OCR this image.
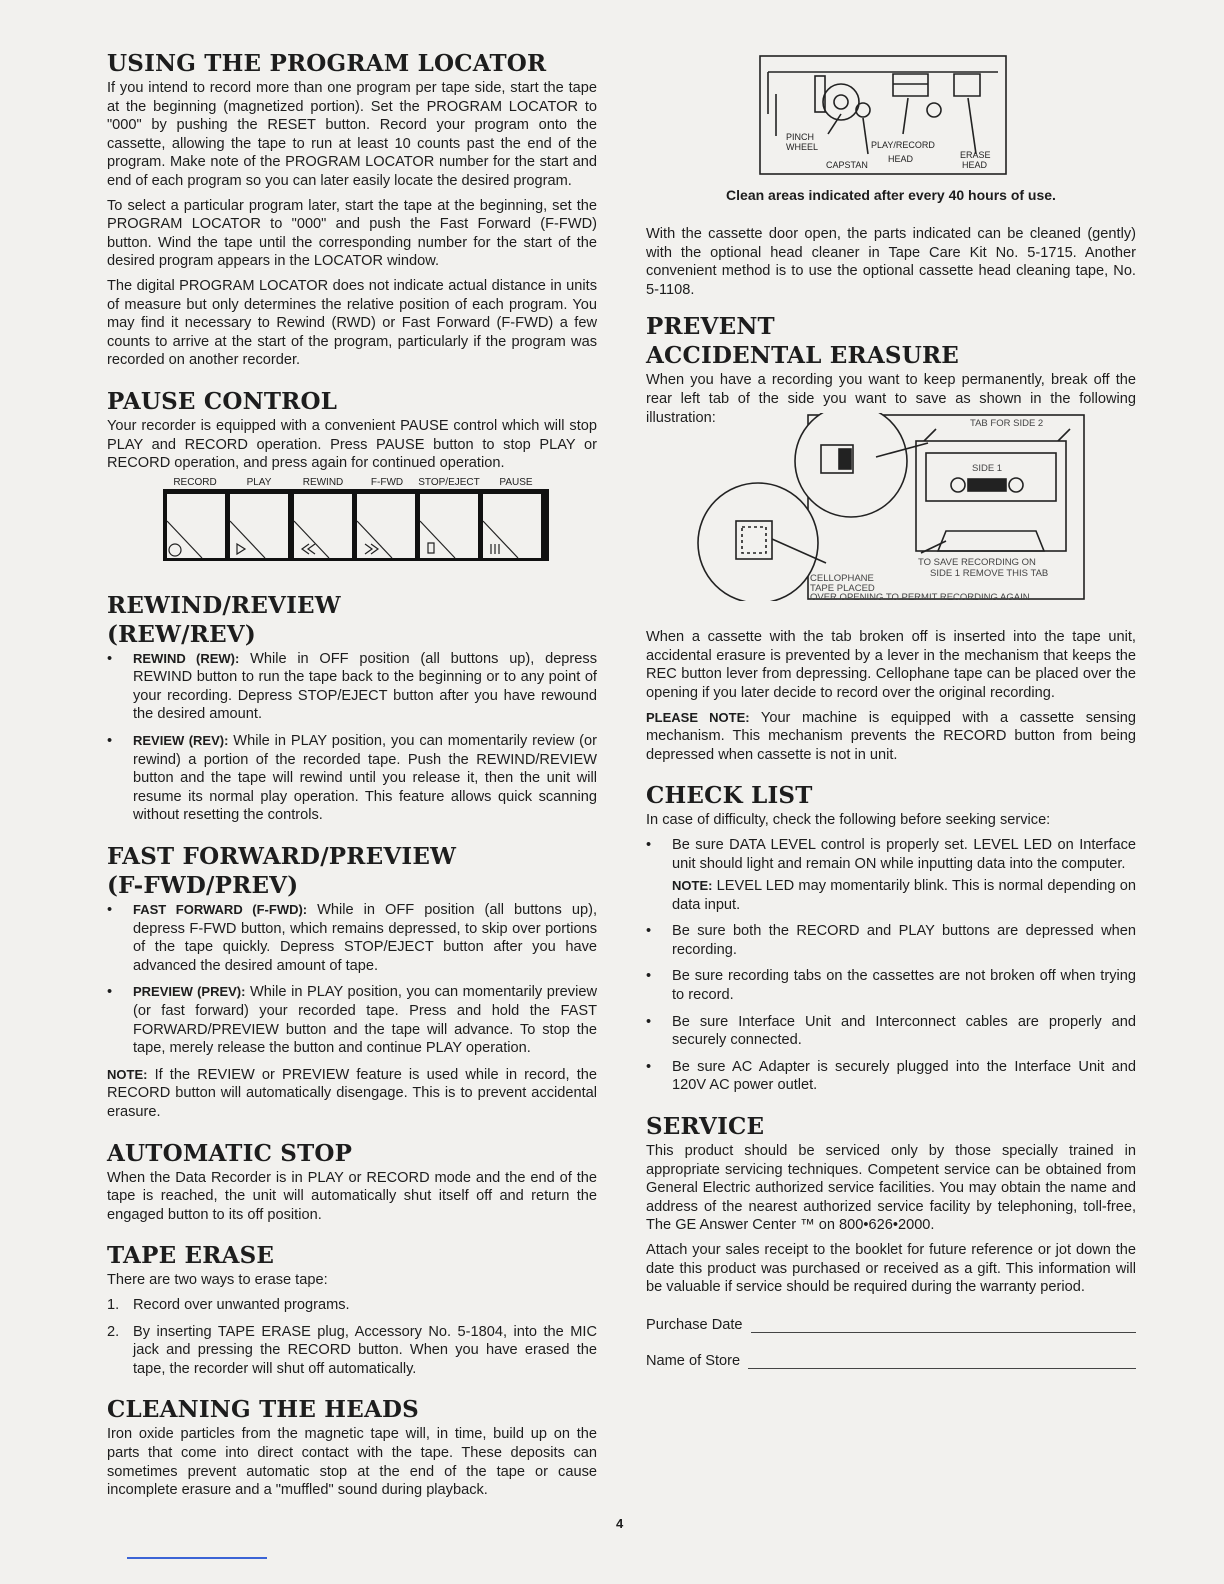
USING THE PROGRAM LOCATOR

If you intend to record more than one program per tape side, start the tape at the beginning (magnetized portion). Set the PROGRAM LOCATOR to "000" by pushing the RESET button. Record your program onto the cassette, allowing the tape to run at least 10 counts past the end of the program. Make note of the PROGRAM LOCATOR number for the start and end of each program so you can later easily locate the desired program.

To select a particular program later, start the tape at the beginning, set the PROGRAM LOCATOR to "000" and push the Fast Forward (F-FWD) button. Wind the tape until the corresponding number for the start of the desired program appears in the LOCATOR window.

The digital PROGRAM LOCATOR does not indicate actual distance in units of measure but only determines the relative position of each program. You may find it necessary to Rewind (RWD) or Fast Forward (F-FWD) a few counts to arrive at the start of the program, particularly if the program was recorded on another recorder.

PAUSE CONTROL

Your recorder is equipped with a convenient PAUSE control which will stop PLAY and RECORD operation. Press PAUSE button to stop PLAY or RECORD operation, and press again for continued operation.

RECORD	PLAY	REWIND	F-FWD STOP/EJECT PAUSE
REWIND/REVIEW
(REW/REV)
• REWIND (REW): While in OFF position (all buttons up), depress REWIND button to run the tape back to the beginning or to any point of your recording. Depress STOP/EJECT button after you have rewound the desired amount.
• REVIEW (REV): While in PLAY position, you can momentarily review (or rewind) a portion of the recorded tape. Push the REWIND/REVIEW button and the tape will rewind until you release it, then the unit will resume its normal play operation. This feature allows quick scanning without resetting the controls.
FAST FORWARD/PREVIEW
(F-FWD/PREV)
• FAST FORWARD (F-FWD): While in OFF position (all buttons up), depress F-FWD button, which remains depressed, to skip over portions of the tape quickly. Depress STOP/EJECT button after you have advanced the desired amount of tape.
• PREVIEW (PREV): While in PLAY position, you can momentarily preview (or fast forward) your recorded tape. Press and hold the FAST FORWARD/PREVIEW button and the tape will advance. To stop the tape, merely release the button and continue PLAY operation.

NOTE: If the REVIEW or PREVIEW feature is used while in record, the RECORD button will automatically disengage. This is to prevent accidental erasure.

AUTOMATIC STOP

When the Data Recorder is in PLAY or RECORD mode and the end of the tape is reached, the unit will automatically shut itself off and return the engaged button to its off position.

TAPE ERASE

There are two ways to erase tape:

1. Record over unwanted programs.
2. By inserting TAPE ERASE plug, Accessory No. 5-1804, into the MIC jack and pressing the RECORD button. When you have erased the tape, the recorder will shut off automatically.
CLEANING THE HEADS

Iron oxide particles from the magnetic tape will, in time, build up on the parts that come into direct contact with the tape. These deposits can sometimes prevent automatic stop at the end of the tape or cause incomplete erasure and a "muffled" sound during playback.

PINCH
WHEEL
CAPSTAN
PLAY/RECORD
HEAD	ERASE
HEAD
Clean areas indicated after every 40 hours of use.

With the cassette door open, the parts indicated can be cleaned (gently) with the optional head cleaner in Tape Care Kit No. 5-1715. Another convenient method is to use the optional cassette head cleaning tape, No. 5-1108.

PREVENT
ACCIDENTAL ERASURE

When you have a recording you want to keep permanently, break off the rear left tab of the side you want to save as shown in the following illustration:	TAB FOR SIDE 2
SIDE 1
TO SAVE RECORDING ON
SIDE 1 REMOVE THIS TAB
CELLOPHANE
TAPE PLACED
OVER OPENING TO PERMIT RECORDING AGAIN

When a cassette with the tab broken off is inserted into the tape unit, accidental erasure is prevented by a lever in the mechanism that keeps the REC button lever from depressing. Cellophane tape can be placed over the opening if you later decide to record over the original recording.

PLEASE NOTE: Your machine is equipped with a cassette sensing mechanism. This mechanism prevents the RECORD button from being depressed when cassette is not in unit.

CHECK LIST

In case of difficulty, check the following before seeking service:

• Be sure DATA LEVEL control is properly set. LEVEL LED on Interface unit should light and remain ON while inputting data into the computer.
NOTE: LEVEL LED may momentarily blink. This is normal depending on data input.
• Be sure both the RECORD and PLAY buttons are depressed when recording.
• Be sure recording tabs on the cassettes are not broken off when trying to record.
• Be sure Interface Unit and Interconnect cables are properly and securely connected.
• Be sure AC Adapter is securely plugged into the Interface Unit and 120V AC power outlet.
SERVICE

This product should be serviced only by those specially trained in appropriate servicing techniques. Competent service can be obtained from General Electric authorized service facilities. You may obtain the name and address of the nearest authorized service facility by telephoning, toll-free, The GE Answer Center ™ on 800•626•2000.

Attach your sales receipt to the booklet for future reference or jot down the date this product was purchased or received as a gift. This information will be valuable if service should be required during the warranty period.

Purchase Date
Name of Store
4
